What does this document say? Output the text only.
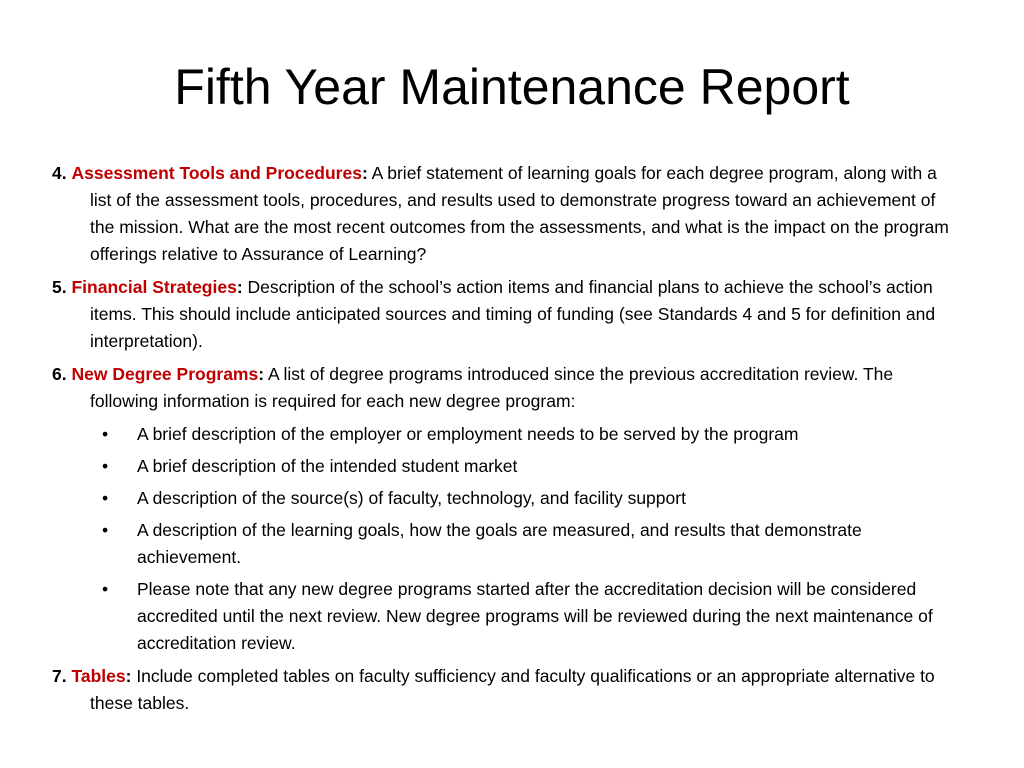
Fifth Year Maintenance Report

4. Assessment Tools and Procedures: A brief statement of learning goals for each degree program, along with a list of the assessment tools, procedures, and results used to demonstrate progress toward an achievement of the mission. What are the most recent outcomes from the assessments, and what is the impact on the program offerings relative to Assurance of Learning?

5. Financial Strategies: Description of the school’s action items and financial plans to achieve the school’s action items. This should include anticipated sources and timing of funding (see Standards 4 and 5 for definition and interpretation).

6. New Degree Programs: A list of degree programs introduced since the previous accreditation review. The following information is required for each new degree program:

• A brief description of the employer or employment needs to be served by the program
• A brief description of the intended student market
• A description of the source(s) of faculty, technology, and facility support
• A description of the learning goals, how the goals are measured, and results that demonstrate achievement.
• Please note that any new degree programs started after the accreditation decision will be considered accredited until the next review. New degree programs will be reviewed during the next maintenance of accreditation review.

7. Tables: Include completed tables on faculty sufficiency and faculty qualifications or an appropriate alternative to these tables.
